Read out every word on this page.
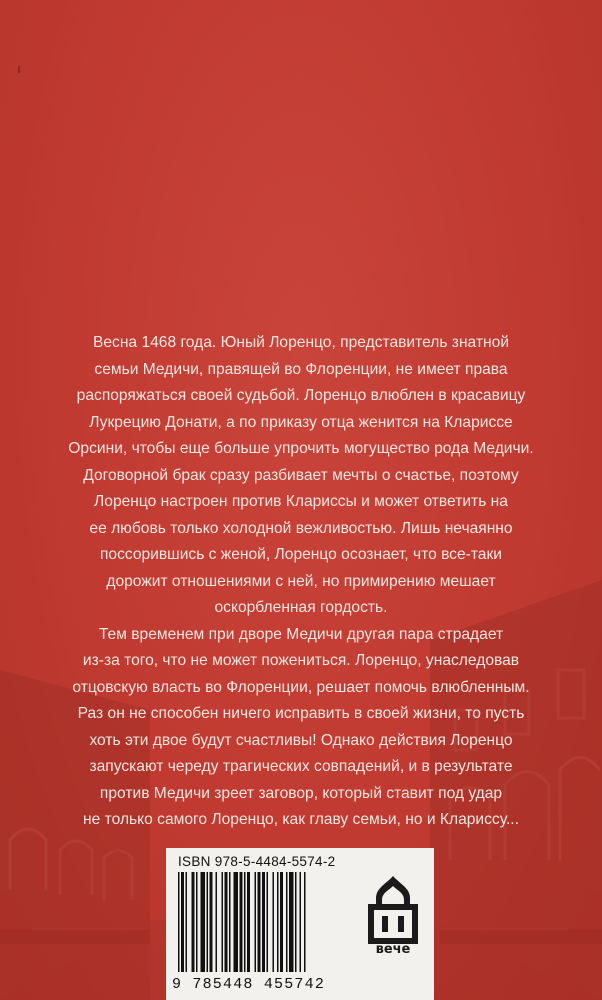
Весна 1468 года. Юный Лоренцо, представитель знатной
семьи Медичи, правящей во Флоренции, не имеет права
распоряжаться своей судьбой. Лоренцо влюблен в красавицу
Лукрецию Донати, а по приказу отца женится на Клариссе
Орсини, чтобы еще больше упрочить могущество рода Медичи.
Договорной брак сразу разбивает мечты о счастье, поэтому
Лоренцо настроен против Клариссы и может ответить на
ее любовь только холодной вежливостью. Лишь нечаянно
поссорившись с женой, Лоренцо осознает, что все-таки
дорожит отношениями с ней, но примирению мешает
оскорбленная гордость.

Тем временем при дворе Медичи другая пара страдает
из-за того, что не может пожениться. Лоренцо, унаследовав
отцовскую власть во Флоренции, решает помочь влюбленным.
Раз он не способен ничего исправить в своей жизни, то пусть
хоть эти двое будут счастливы! Однако действия Лоренцо
запускают череду трагических совпадений, и в результате
против Медичи зреет заговор, который ставит под удар
не только самого Лоренцо, как главу семьи, но и Клариссу...

ISBN 978-5-4484-5574-2

9 785448 455742

вече
